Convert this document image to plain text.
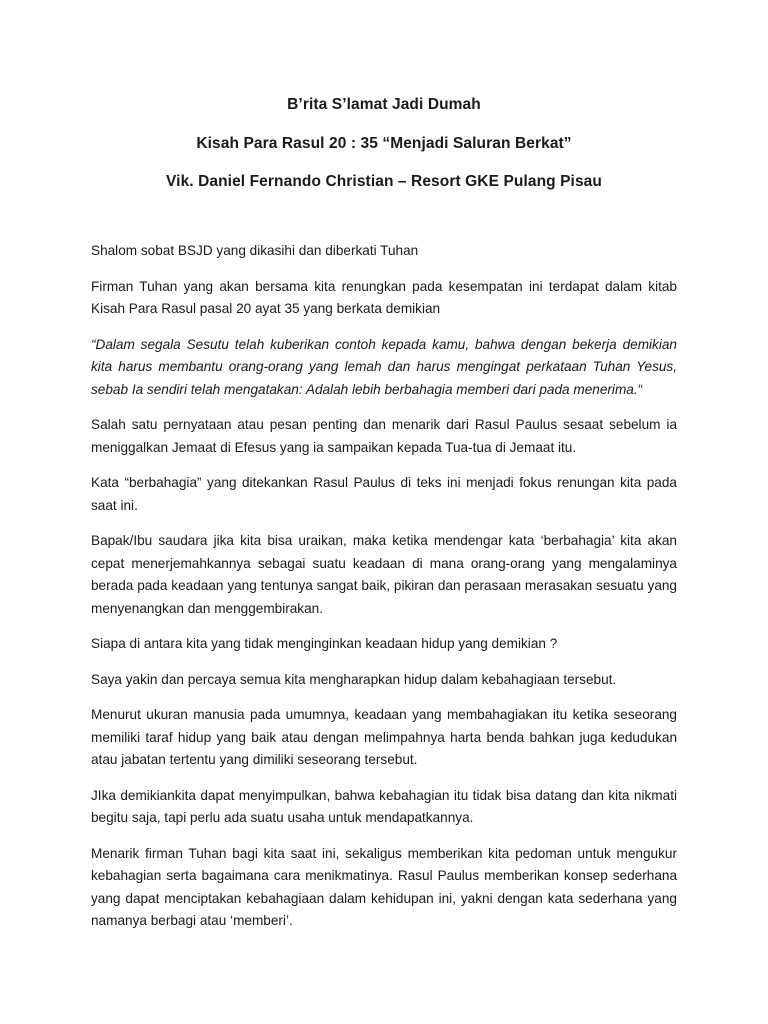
B’rita S’lamat Jadi Dumah

Kisah Para Rasul 20 : 35 “Menjadi Saluran Berkat”

Vik. Daniel Fernando Christian – Resort GKE Pulang Pisau

Shalom sobat BSJD yang dikasihi dan diberkati Tuhan

Firman Tuhan yang akan bersama kita renungkan pada kesempatan ini terdapat dalam kitab Kisah Para Rasul pasal 20 ayat 35 yang berkata demikian

“Dalam segala Sesutu telah kuberikan contoh kepada kamu, bahwa dengan bekerja demikian kita harus membantu orang-orang yang lemah dan harus mengingat perkataan Tuhan Yesus, sebab Ia sendiri telah mengatakan: Adalah lebih berbahagia memberi dari pada menerima.“

Salah satu pernyataan atau pesan penting dan menarik dari Rasul Paulus sesaat sebelum ia meniggalkan Jemaat di Efesus yang ia sampaikan kepada Tua-tua di Jemaat itu.

Kata “berbahagia” yang ditekankan Rasul Paulus di teks ini menjadi fokus renungan kita pada saat ini.

Bapak/Ibu saudara jika kita bisa uraikan, maka ketika mendengar kata ‘berbahagia’ kita akan cepat menerjemahkannya sebagai suatu keadaan di mana orang-orang yang mengalaminya berada pada keadaan yang tentunya sangat baik, pikiran dan perasaan merasakan sesuatu yang menyenangkan dan menggembirakan.

Siapa di antara kita yang tidak menginginkan keadaan hidup yang demikian ?

Saya yakin dan percaya semua kita mengharapkan hidup dalam kebahagiaan tersebut.

Menurut ukuran manusia pada umumnya, keadaan yang membahagiakan itu ketika seseorang memiliki taraf hidup yang baik atau dengan melimpahnya harta benda bahkan juga kedudukan atau jabatan tertentu yang dimiliki seseorang tersebut.

JIka demikiankita dapat menyimpulkan, bahwa kebahagian itu tidak bisa datang dan kita nikmati begitu saja, tapi perlu ada suatu usaha untuk mendapatkannya.

Menarik firman Tuhan bagi kita saat ini, sekaligus memberikan kita pedoman untuk mengukur kebahagian serta bagaimana cara menikmatinya. Rasul Paulus memberikan konsep sederhana yang dapat menciptakan kebahagiaan dalam kehidupan ini, yakni dengan kata sederhana yang namanya berbagi atau ‘memberi’.
